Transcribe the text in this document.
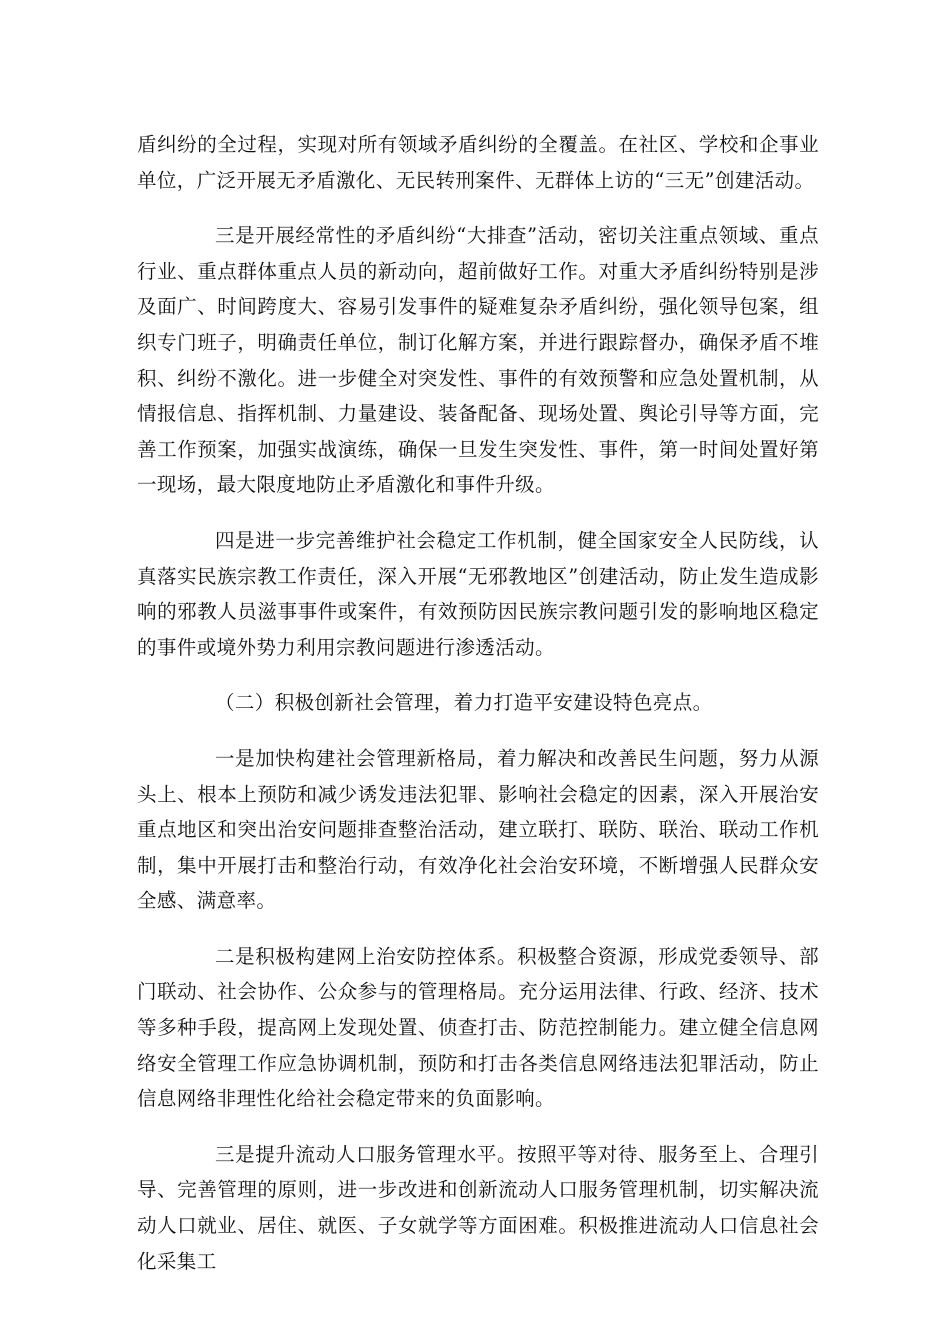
盾纠纷的全过程，实现对所有领域矛盾纠纷的全覆盖。在社区、学校和企事业单位，广泛开展无矛盾激化、无民转刑案件、无群体上访的“三无”创建活动。

三是开展经常性的矛盾纠纷“大排查”活动，密切关注重点领域、重点行业、重点群体重点人员的新动向，超前做好工作。对重大矛盾纠纷特别是涉及面广、时间跨度大、容易引发事件的疑难复杂矛盾纠纷，强化领导包案，组织专门班子，明确责任单位，制订化解方案，并进行跟踪督办，确保矛盾不堆积、纠纷不激化。进一步健全对突发性、事件的有效预警和应急处置机制，从情报信息、指挥机制、力量建设、装备配备、现场处置、舆论引导等方面，完善工作预案，加强实战演练，确保一旦发生突发性、事件，第一时间处置好第一现场，最大限度地防止矛盾激化和事件升级。

四是进一步完善维护社会稳定工作机制，健全国家安全人民防线，认真落实民族宗教工作责任，深入开展“无邪教地区”创建活动，防止发生造成影响的邪教人员滋事事件或案件，有效预防因民族宗教问题引发的影响地区稳定的事件或境外势力利用宗教问题进行渗透活动。

（二）积极创新社会管理，着力打造平安建设特色亮点。

一是加快构建社会管理新格局，着力解决和改善民生问题，努力从源头上、根本上预防和减少诱发违法犯罪、影响社会稳定的因素，深入开展治安重点地区和突出治安问题排查整治活动，建立联打、联防、联治、联动工作机制，集中开展打击和整治行动，有效净化社会治安环境，不断增强人民群众安全感、满意率。

二是积极构建网上治安防控体系。积极整合资源，形成党委领导、部门联动、社会协作、公众参与的管理格局。充分运用法律、行政、经济、技术等多种手段，提高网上发现处置、侦查打击、防范控制能力。建立健全信息网络安全管理工作应急协调机制，预防和打击各类信息网络违法犯罪活动，防止信息网络非理性化给社会稳定带来的负面影响。

三是提升流动人口服务管理水平。按照平等对待、服务至上、合理引导、完善管理的原则，进一步改进和创新流动人口服务管理机制，切实解决流动人口就业、居住、就医、子女就学等方面困难。积极推进流动人口信息社会化采集工
